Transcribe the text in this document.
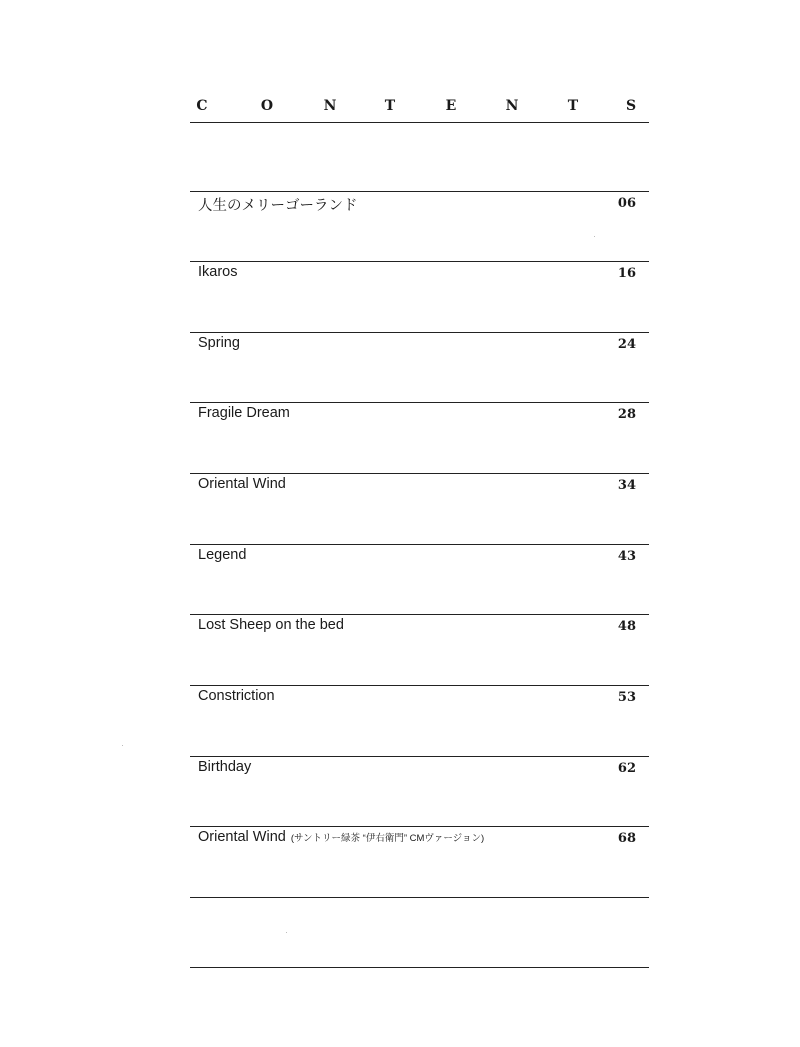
C	O	N	T	E	N	T	S
人生のメリーゴーランド	06
Ikaros	16
Spring	24
Fragile Dream	28
Oriental Wind	34
Legend	43
Lost Sheep on the bed	48
Constriction	53
Birthday	62
Oriental Wind (サントリー緑茶 “伊右衛門” CMヴァージョン)	68
